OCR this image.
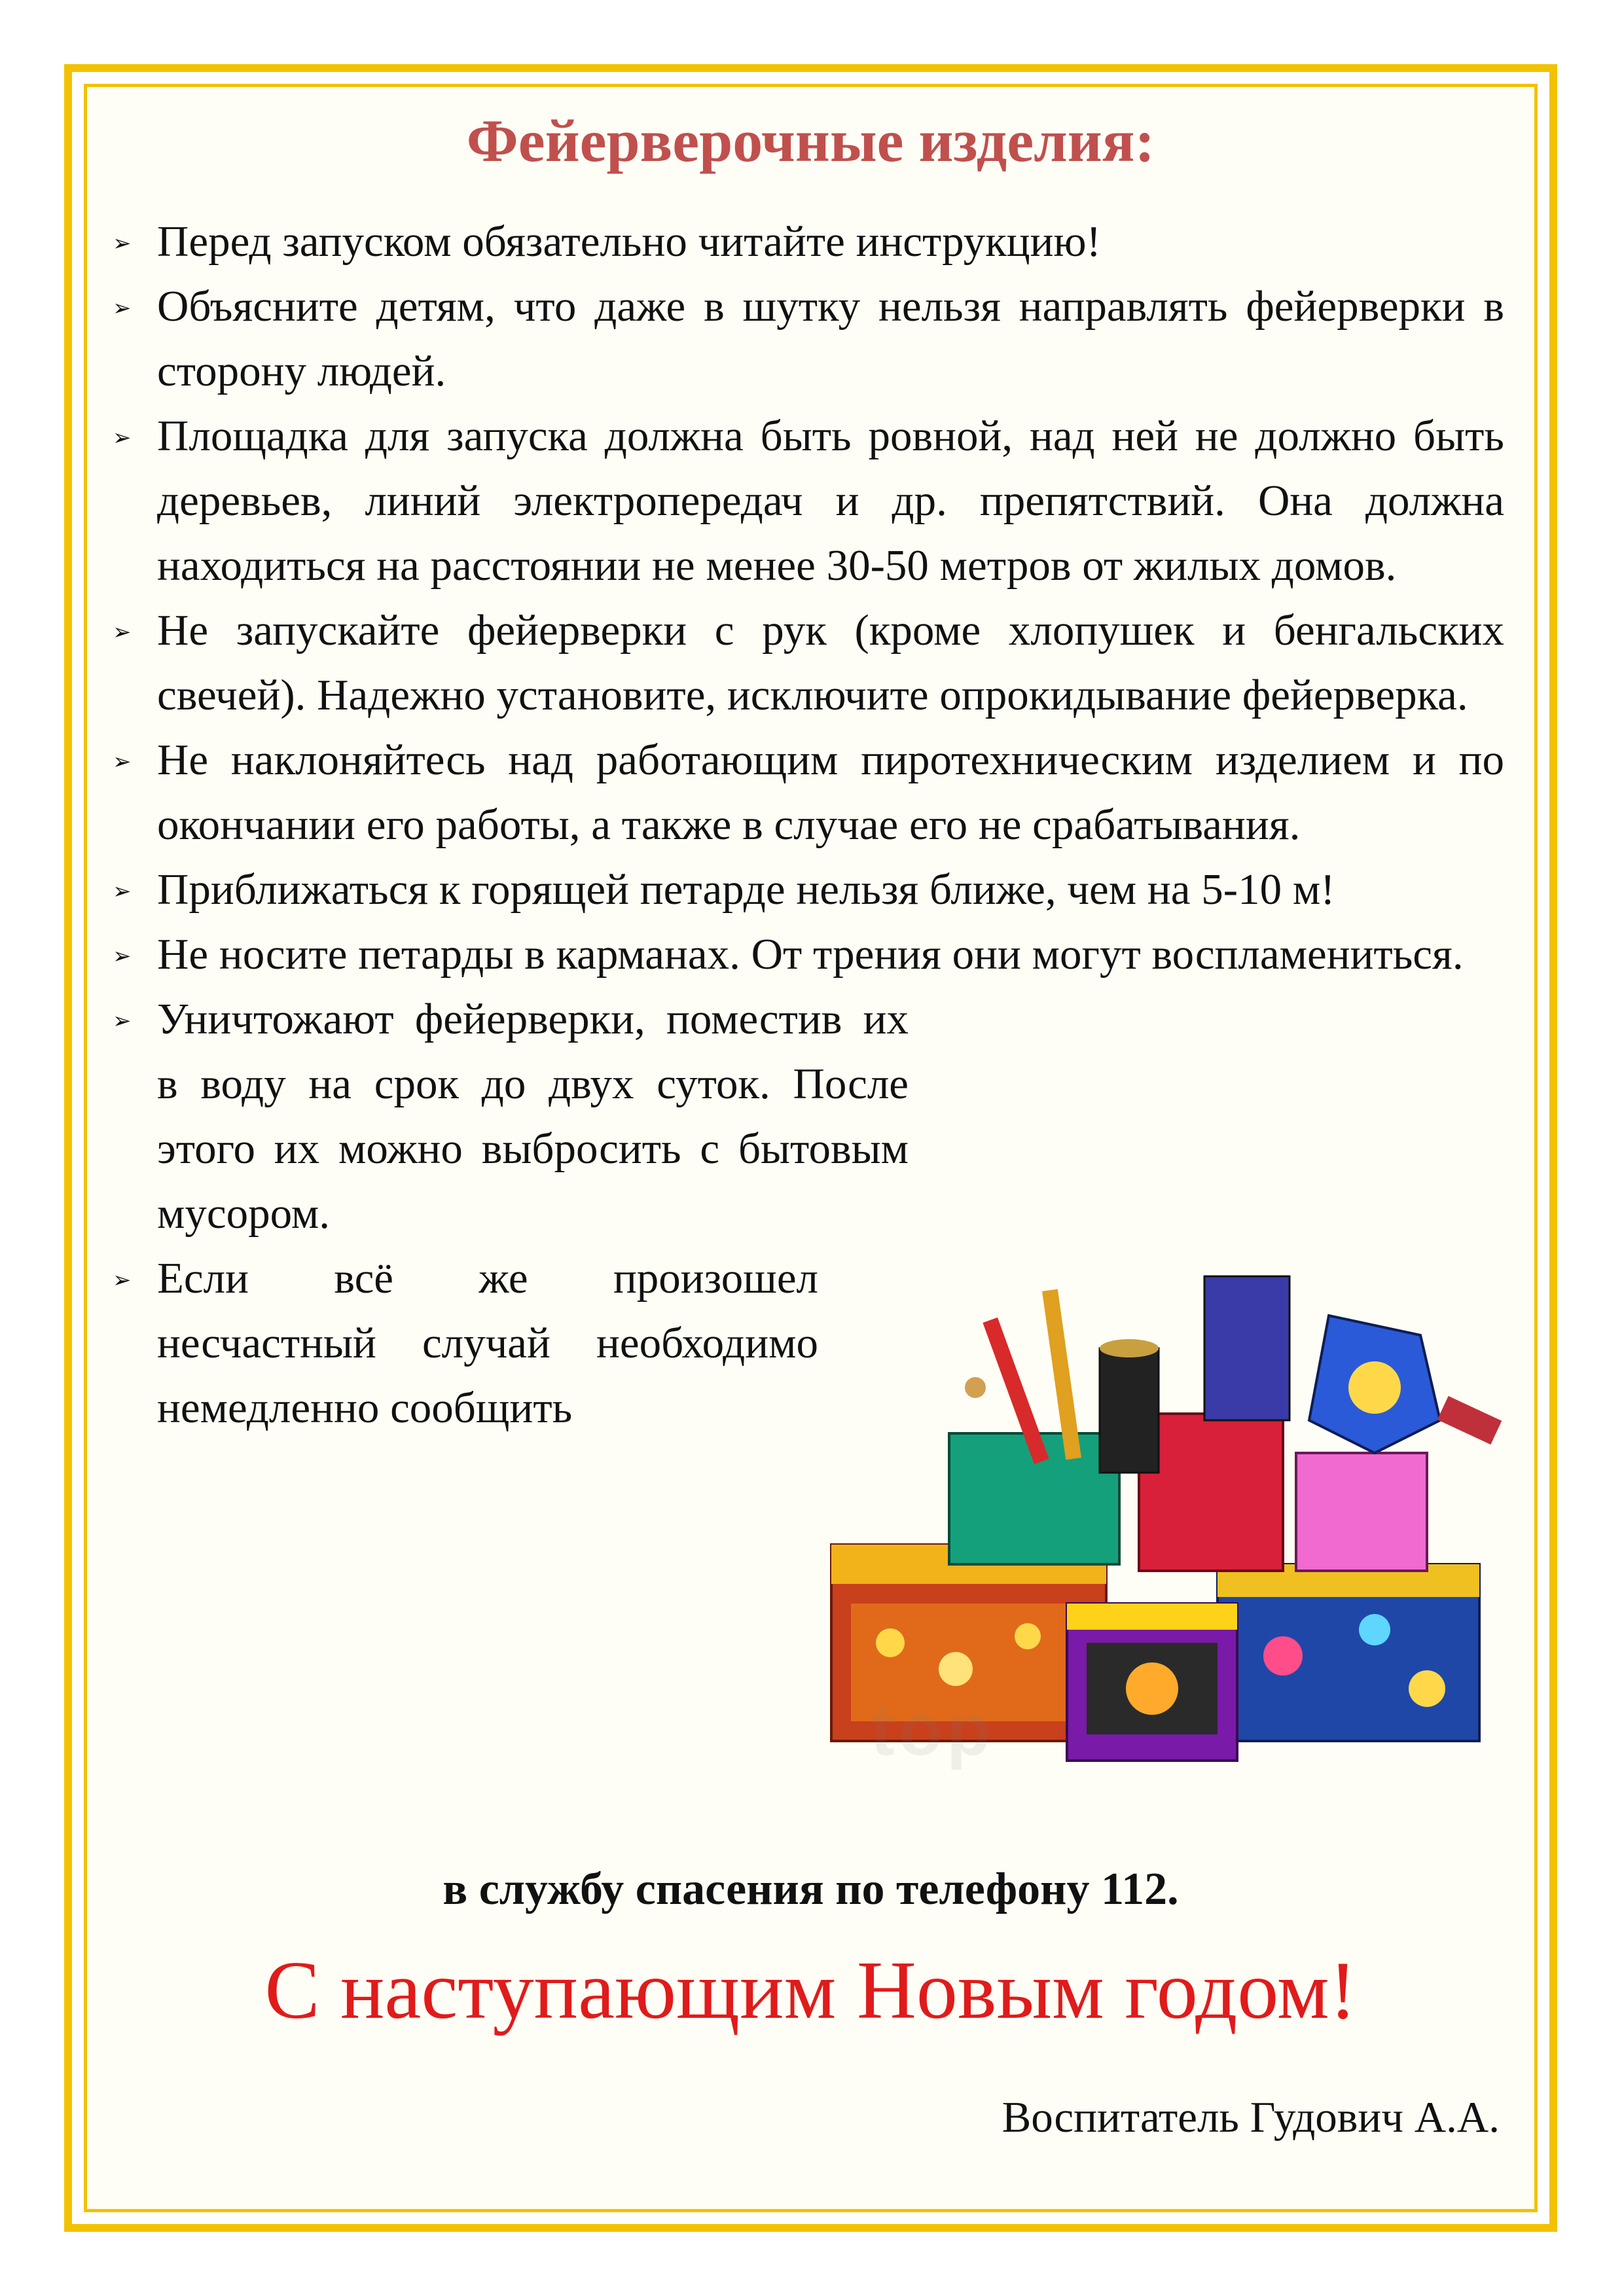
Фейерверочные изделия:
➢ Перед запуском обязательно читайте инструкцию!
➢ Объясните детям, что даже в шутку нельзя направлять фейерверки в сторону людей.
➢ Площадка для запуска должна быть ровной, над ней не должно быть деревьев, линий электропередач и др. препятствий. Она должна находиться на расстоянии не менее 30-50 метров от жилых домов.
➢ Не запускайте фейерверки с рук (кроме хлопушек и бенгальских свечей). Надежно установите, исключите опрокидывание фейерверка.
➢ Не наклоняйтесь над работающим пиротехническим изделием и по окончании его работы, а также в случае его не срабатывания.
➢ Приближаться к горящей петарде нельзя ближе, чем на 5-10 м!
➢ Не носите петарды в карманах. От трения они могут воспламениться.
➢ Уничтожают фейерверки, поместив их в воду на срок до двух суток. После этого их можно выбросить с бытовым мусором.
➢ Если всё же произошел несчастный случай необходимо немедленно сообщить
top
в службу спасения по телефону 112.
С наступающим Новым годом!
Воспитатель Гудович А.А.
